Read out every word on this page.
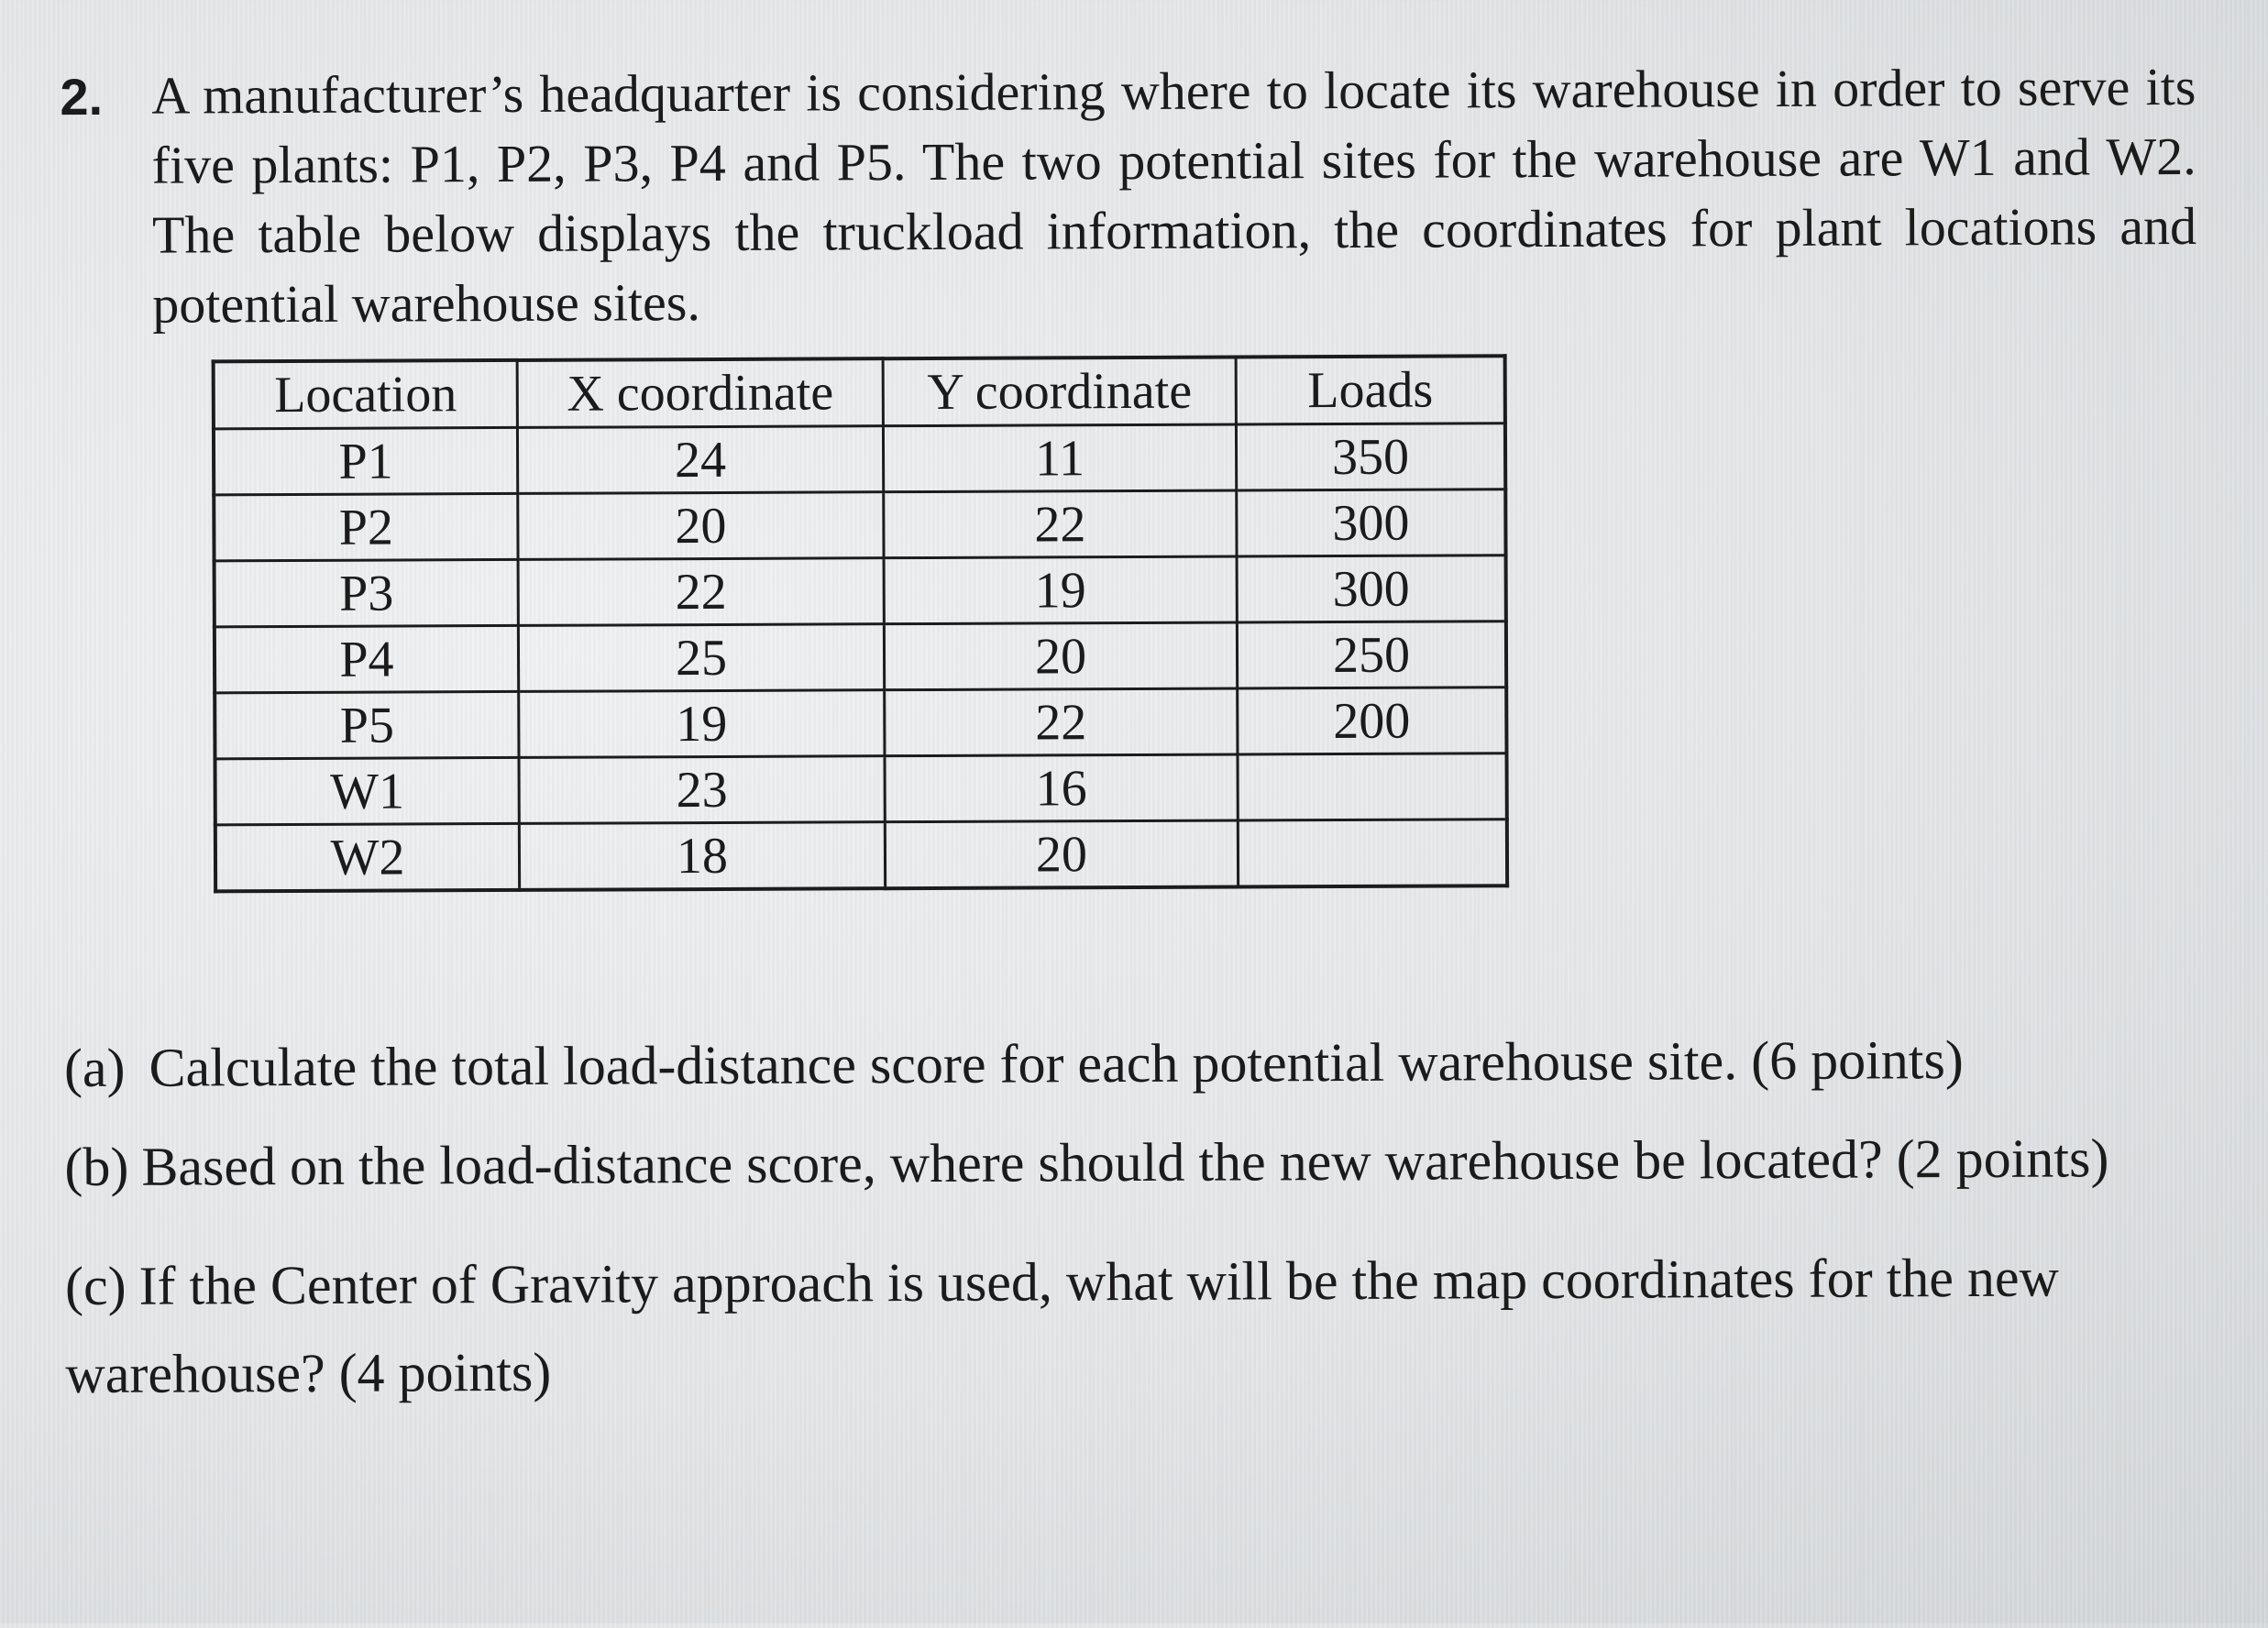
2. A manufacturer’s headquarter is considering where to locate its warehouse in order to serve its five plants: P1, P2, P3, P4 and P5. The two potential sites for the warehouse are W1 and W2. The table below displays the truckload information, the coordinates for plant locations and potential warehouse sites.
Location	X coordinate	Y coordinate	Loads
P1	24	11	350
P2	20	22	300
P3	22	19	300
P4	25	20	250
P5	19	22	200
W1	23	16	
W2	18	20	
(a) Calculate the total load-distance score for each potential warehouse site. (6 points)
(b) Based on the load-distance score, where should the new warehouse be located? (2 points)
(c) If the Center of Gravity approach is used, what will be the map coordinates for the new warehouse? (4 points)
